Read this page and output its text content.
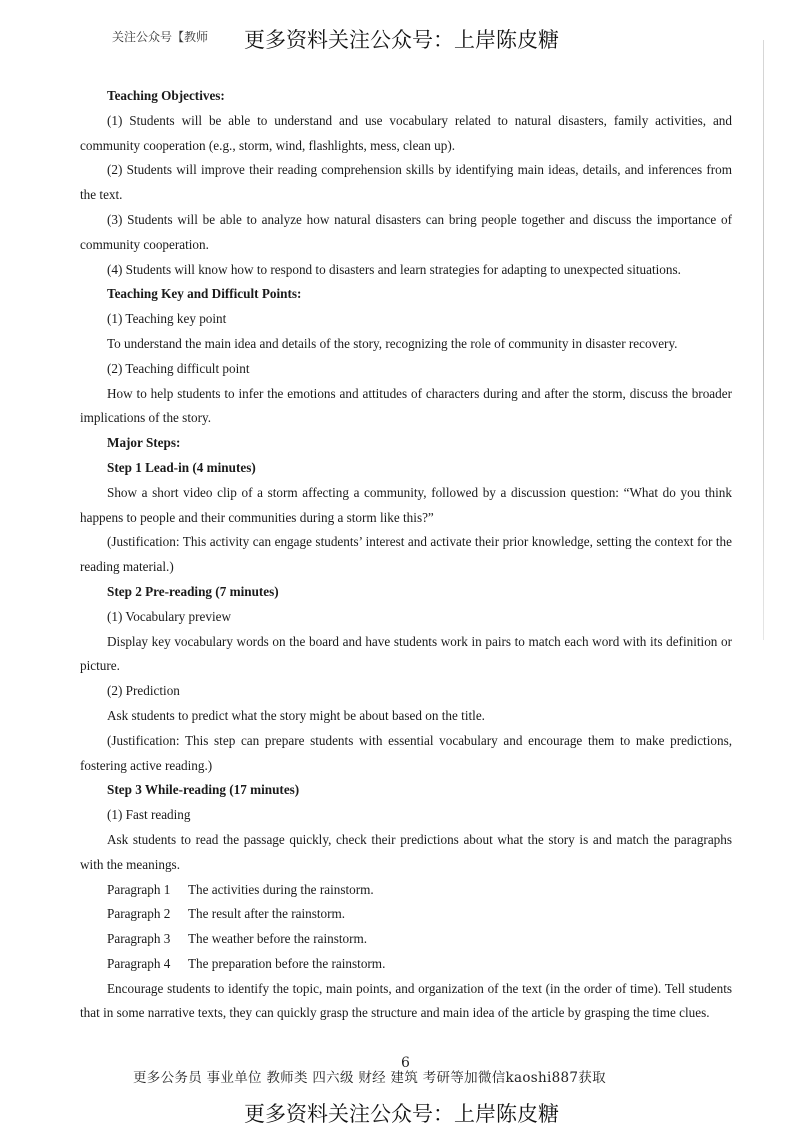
关注公众号【教师	更多资料关注公众号：上岸陈皮糖

Teaching Objectives:

(1) Students will be able to understand and use vocabulary related to natural disasters, family activities, and community cooperation (e.g., storm, wind, flashlights, mess, clean up).

(2) Students will improve their reading comprehension skills by identifying main ideas, details, and inferences from the text.

(3) Students will be able to analyze how natural disasters can bring people together and discuss the importance of community cooperation.

(4) Students will know how to respond to disasters and learn strategies for adapting to unexpected situations.

Teaching Key and Difficult Points:

(1) Teaching key point

To understand the main idea and details of the story, recognizing the role of community in disaster recovery.

(2) Teaching difficult point

How to help students to infer the emotions and attitudes of characters during and after the storm, discuss the broader implications of the story.

Major Steps:

Step 1 Lead-in (4 minutes)

Show a short video clip of a storm affecting a community, followed by a discussion question: “What do you think happens to people and their communities during a storm like this?”

(Justification: This activity can engage students’ interest and activate their prior knowledge, setting the context for the reading material.)

Step 2 Pre-reading (7 minutes)

(1) Vocabulary preview

Display key vocabulary words on the board and have students work in pairs to match each word with its definition or picture.

(2) Prediction

Ask students to predict what the story might be about based on the title.

(Justification: This step can prepare students with essential vocabulary and encourage them to make predictions, fostering active reading.)

Step 3 While-reading (17 minutes)

(1) Fast reading

Ask students to read the passage quickly, check their predictions about what the story is and match the paragraphs with the meanings.

Paragraph 1	The activities during the rainstorm.
Paragraph 2	The result after the rainstorm.
Paragraph 3	The weather before the rainstorm.
Paragraph 4	The preparation before the rainstorm.

Encourage students to identify the topic, main points, and organization of the text (in the order of time). Tell students that in some narrative texts, they can quickly grasp the structure and main idea of the article by grasping the time clues.

6
更多公务员 事业单位 教师类 四六级 财经 建筑 考研等加微信kaoshi887获取
更多资料关注公众号：上岸陈皮糖
